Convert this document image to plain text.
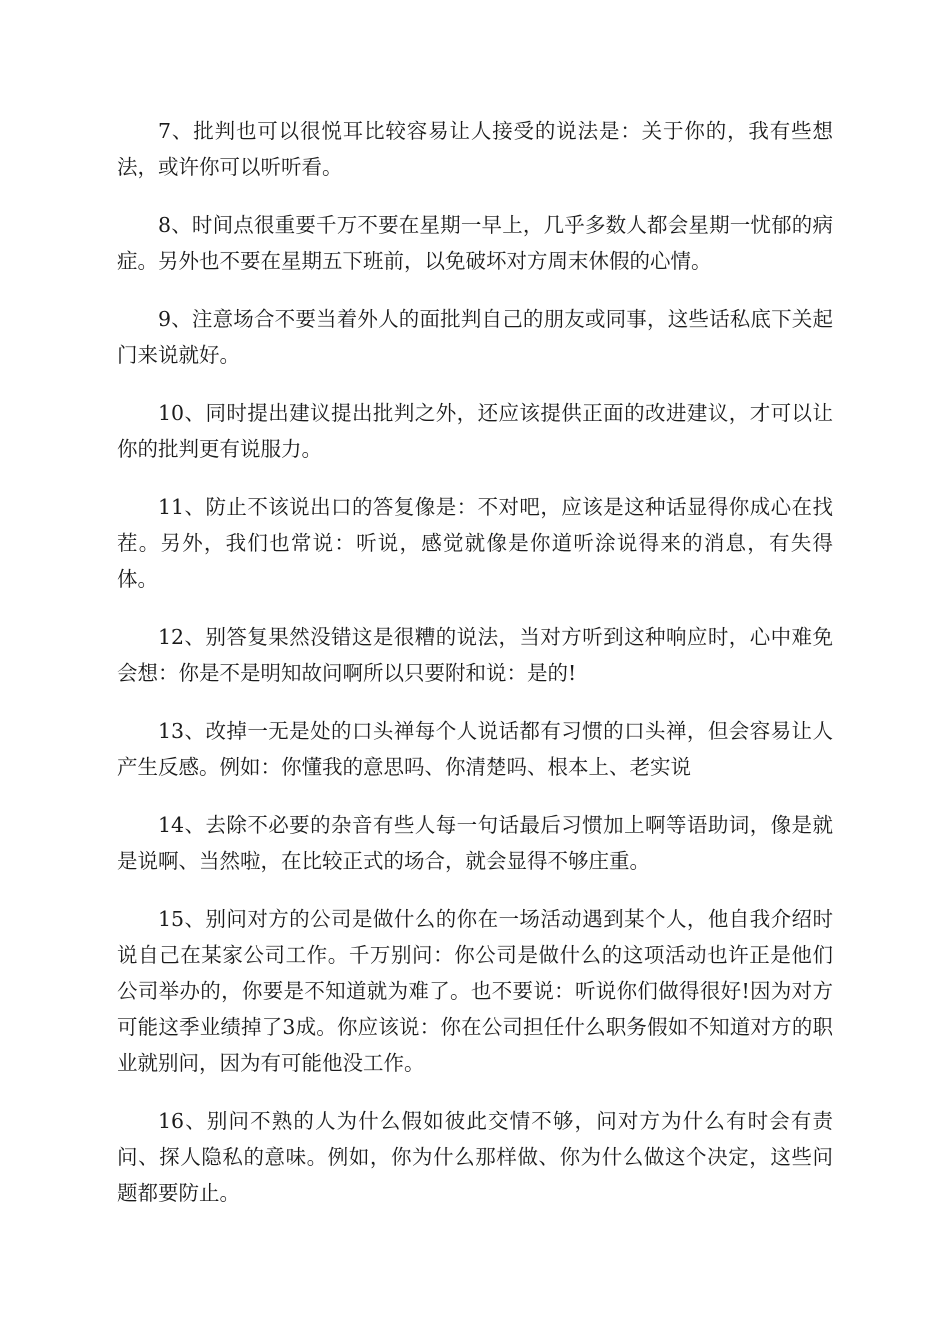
7、批判也可以很悦耳比较容易让人接受的说法是：关于你的，我有些想法，或许你可以听听看。

8、时间点很重要千万不要在星期一早上，几乎多数人都会星期一忧郁的病症。另外也不要在星期五下班前，以免破坏对方周末休假的心情。

9、注意场合不要当着外人的面批判自己的朋友或同事，这些话私底下关起门来说就好。

10、同时提出建议提出批判之外，还应该提供正面的改进建议，才可以让你的批判更有说服力。

11、防止不该说出口的答复像是：不对吧，应该是这种话显得你成心在找茬。另外，我们也常说：听说，感觉就像是你道听涂说得来的消息，有失得体。

12、别答复果然没错这是很糟的说法，当对方听到这种响应时，心中难免会想：你是不是明知故问啊所以只要附和说：是的!

13、改掉一无是处的口头禅每个人说话都有习惯的口头禅，但会容易让人产生反感。例如：你懂我的意思吗、你清楚吗、根本上、老实说

14、去除不必要的杂音有些人每一句话最后习惯加上啊等语助词，像是就是说啊、当然啦，在比较正式的场合，就会显得不够庄重。

15、别问对方的公司是做什么的你在一场活动遇到某个人，他自我介绍时说自己在某家公司工作。千万别问：你公司是做什么的这项活动也许正是他们公司举办的，你要是不知道就为难了。也不要说：听说你们做得很好!因为对方可能这季业绩掉了3成。你应该说：你在公司担任什么职务假如不知道对方的职业就别问，因为有可能他没工作。

16、别问不熟的人为什么假如彼此交情不够，问对方为什么有时会有责问、探人隐私的意味。例如，你为什么那样做、你为什么做这个决定，这些问题都要防止。
